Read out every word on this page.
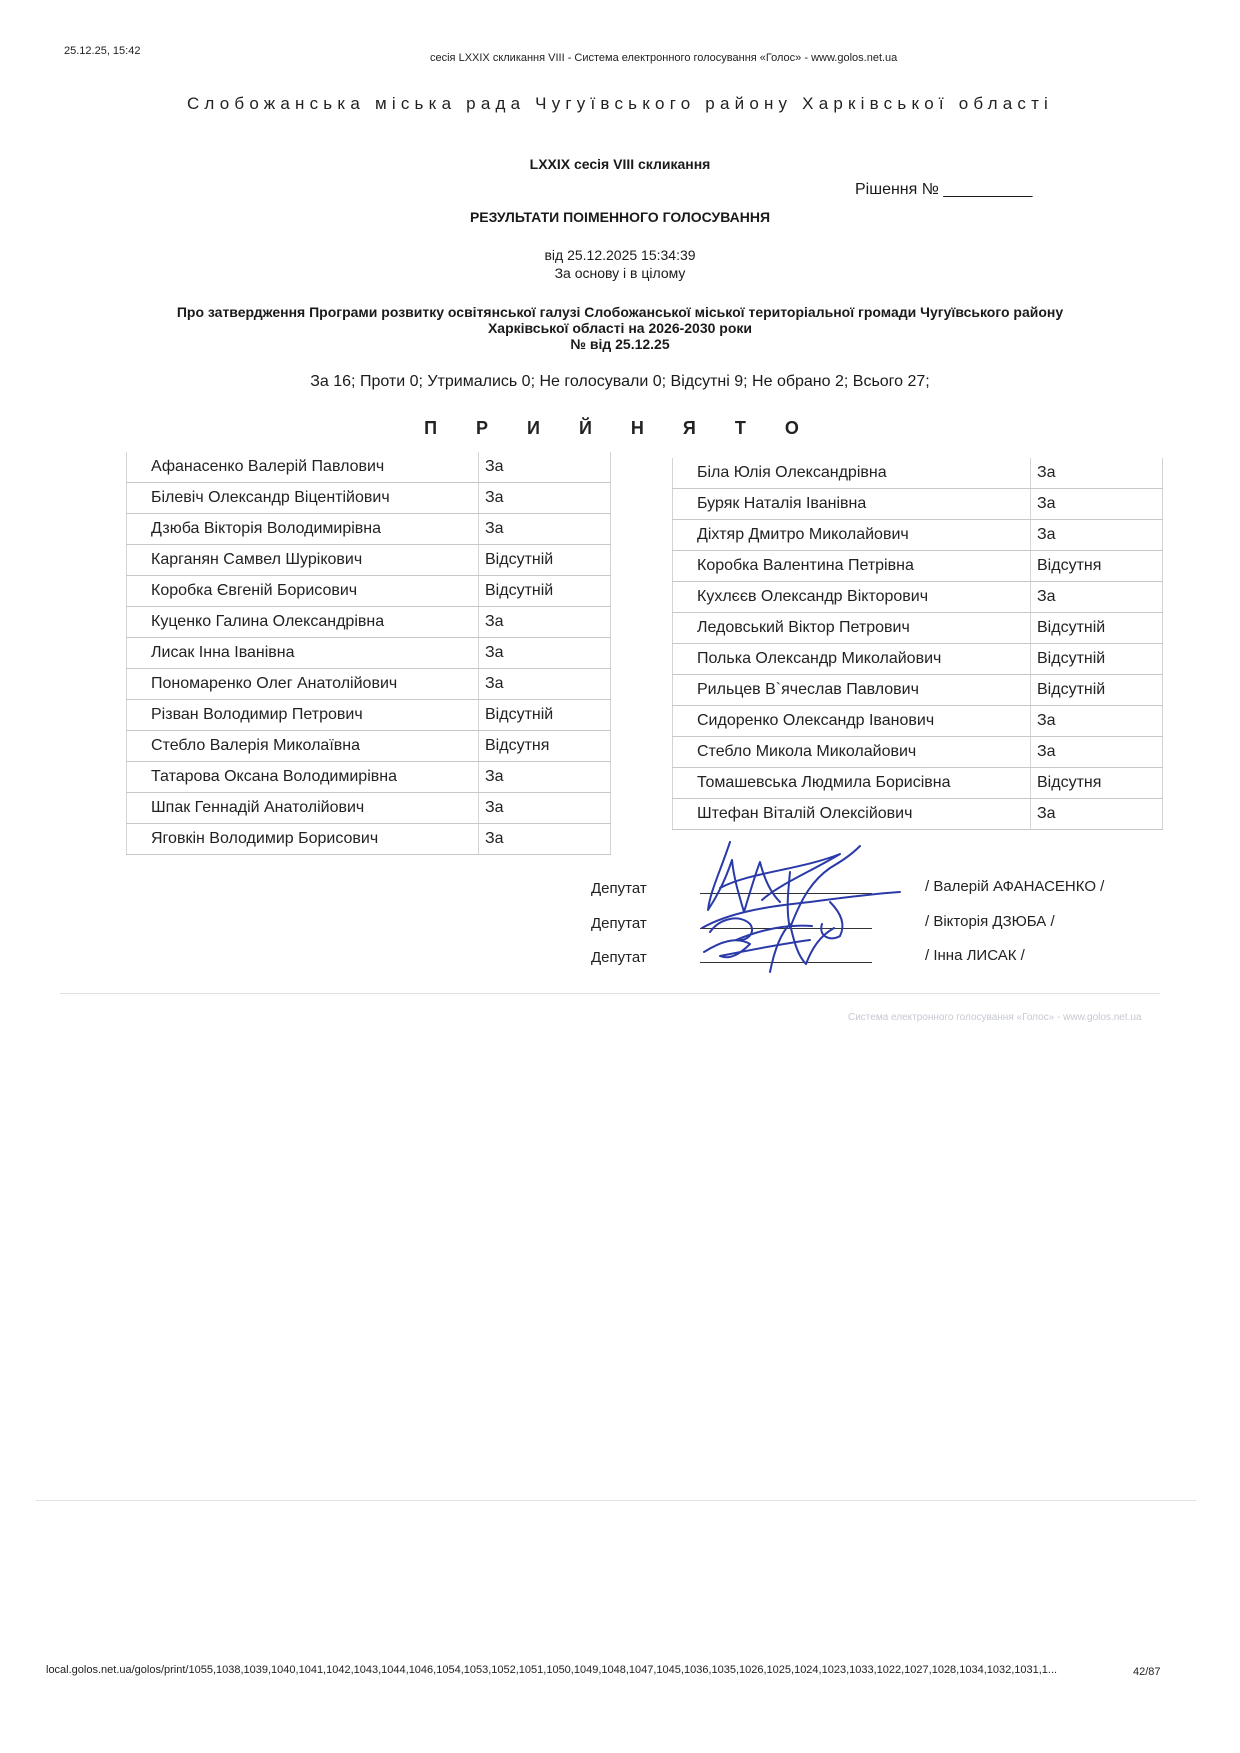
25.12.25, 15:42
сесія LXXIX скликання VIII - Система електронного голосування «Голос» - www.golos.net.ua
Слобожанська міська рада Чугуївського району Харківської області
LXXIX сесія VIII скликання
Рішення № __________
РЕЗУЛЬТАТИ ПОІМЕННОГО ГОЛОСУВАННЯ
від 25.12.2025 15:34:39
За основу і в цілому
Про затвердження Програми розвитку освітянської галузі Слобожанської міської територіальної громади Чугуївського району
Харківської області на 2026-2030 роки
№ від 25.12.25
За 16; Проти 0; Утримались 0; Не голосували 0; Відсутні 9; Не обрано 2; Всього 27;
П Р И Й Н Я Т О
Афанасенко Валерій Павлович	За
Білевіч Олександр Віцентійович	За
Дзюба Вікторія Володимирівна	За
Карганян Самвел Шурікович	Відсутній
Коробка Євгеній Борисович	Відсутній
Куценко Галина Олександрівна	За
Лисак Інна Іванівна	За
Пономаренко Олег Анатолійович	За
Різван Володимир Петрович	Відсутній
Стебло Валерія Миколаївна	Відсутня
Татарова Оксана Володимирівна	За
Шпак Геннадій Анатолійович	За
Яговкін Володимир Борисович	За
Біла Юлія Олександрівна	За
Буряк Наталія Іванівна	За
Діхтяр Дмитро Миколайович	За
Коробка Валентина Петрівна	Відсутня
Кухлєєв Олександр Вікторович	За
Ледовський Віктор Петрович	Відсутній
Полька Олександр Миколайович	Відсутній
Рильцев В`ячеслав Павлович	Відсутній
Сидоренко Олександр Іванович	За
Стебло Микола Миколайович	За
Томашевська Людмила Борисівна	Відсутня
Штефан Віталій Олексійович	За
Депутат	/ Валерій АФАНАСЕНКО /
Депутат	/ Вікторія ДЗЮБА /
Депутат	/ Інна ЛИСАК /
Система електронного голосування «Голос» - www.golos.net.ua
local.golos.net.ua/golos/print/1055,1038,1039,1040,1041,1042,1043,1044,1046,1054,1053,1052,1051,1050,1049,1048,1047,1045,1036,1035,1026,1025,1024,1023,1033,1022,1027,1028,1034,1032,1031,1...	42/87
